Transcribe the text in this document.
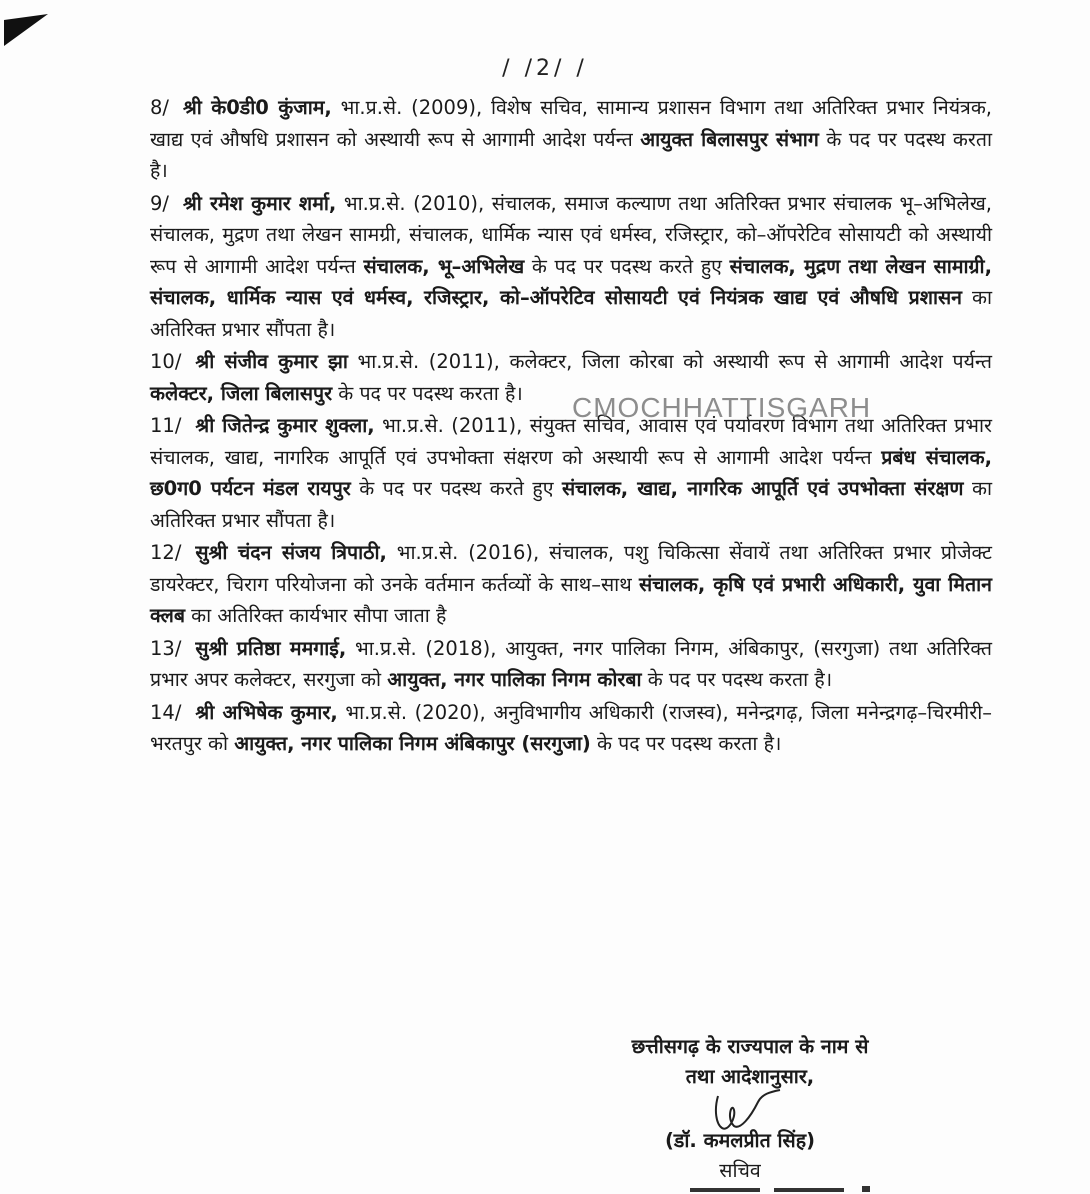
/ /2/ /

8/ श्री के0डी0 कुंजाम, भा.प्र.से. (2009), विशेष सचिव, सामान्य प्रशासन विभाग तथा अतिरिक्त प्रभार नियंत्रक, खाद्य एवं औषधि प्रशासन को अस्थायी रूप से आगामी आदेश पर्यन्त आयुक्त बिलासपुर संभाग के पद पर पदस्थ करता है।

9/ श्री रमेश कुमार शर्मा, भा.प्र.से. (2010), संचालक, समाज कल्याण तथा अतिरिक्त प्रभार संचालक भू–अभिलेख, संचालक, मुद्रण तथा लेखन सामग्री, संचालक, धार्मिक न्यास एवं धर्मस्व, रजिस्ट्रार, को–ऑपरेटिव सोसायटी को अस्थायी रूप से आगामी आदेश पर्यन्त संचालक, भू–अभिलेख के पद पर पदस्थ करते हुए संचालक, मुद्रण तथा लेखन सामाग्री, संचालक, धार्मिक न्यास एवं धर्मस्व, रजिस्ट्रार, को–ऑपरेटिव सोसायटी एवं नियंत्रक खाद्य एवं औषधि प्रशासन का अतिरिक्त प्रभार सौंपता है।

10/ श्री संजीव कुमार झा भा.प्र.से. (2011), कलेक्टर, जिला कोरबा को अस्थायी रूप से आगामी आदेश पर्यन्त कलेक्टर, जिला बिलासपुर के पद पर पदस्थ करता है।

11/ श्री जितेन्द्र कुमार शुक्ला, भा.प्र.से. (2011), संयुक्त सचिव, आवास एवं पर्यावरण विभाग तथा अतिरिक्त प्रभार संचालक, खाद्य, नागरिक आपूर्ति एवं उपभोक्ता संक्षरण को अस्थायी रूप से आगामी आदेश पर्यन्त प्रबंध संचालक, छ0ग0 पर्यटन मंडल रायपुर के पद पर पदस्थ करते हुए संचालक, खाद्य, नागरिक आपूर्ति एवं उपभोक्ता संरक्षण का अतिरिक्त प्रभार सौंपता है।

12/ सुश्री चंदन संजय त्रिपाठी, भा.प्र.से. (2016), संचालक, पशु चिकित्सा सेंवायें तथा अतिरिक्त प्रभार प्रोजेक्ट डायरेक्टर, चिराग परियोजना को उनके वर्तमान कर्तव्यों के साथ–साथ संचालक, कृषि एवं प्रभारी अधिकारी, युवा मितान क्लब का अतिरिक्त कार्यभार सौपा जाता है

13/ सुश्री प्रतिष्ठा ममगाई, भा.प्र.से. (2018), आयुक्त, नगर पालिका निगम, अंबिकापुर, (सरगुजा) तथा अतिरिक्त प्रभार अपर कलेक्टर, सरगुजा को आयुक्त, नगर पालिका निगम कोरबा के पद पर पदस्थ करता है।

14/ श्री अभिषेक कुमार, भा.प्र.से. (2020), अनुविभागीय अधिकारी (राजस्व), मनेन्द्रगढ़, जिला मनेन्द्रगढ़–चिरमीरी–भरतपुर को आयुक्त, नगर पालिका निगम अंबिकापुर (सरगुजा) के पद पर पदस्थ करता है।

CMOCHHATTISGARH
छत्तीसगढ़ के राज्यपाल के नाम से
तथा आदेशानुसार,
(डॉ. कमलप्रीत सिंह)
सचिव
